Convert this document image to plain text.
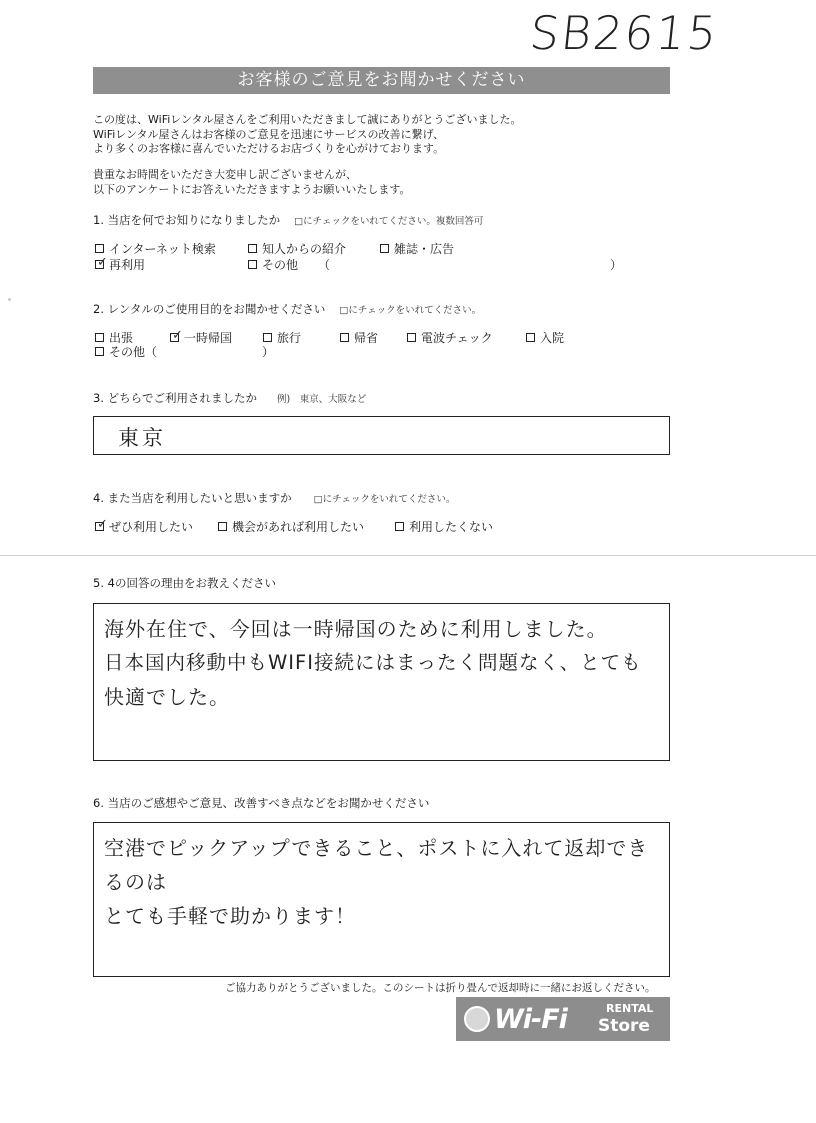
SB2615
お客様のご意見をお聞かせください
この度は、WiFiレンタル屋さんをご利用いただきまして誠にありがとうございました。
WiFiレンタル屋さんはお客様のご意見を迅速にサービスの改善に繋げ、
より多くのお客様に喜んでいただけるお店づくりを心がけております。
貴重なお時間をいただき大変申し訳ございませんが、
以下のアンケートにお答えいただきますようお願いいたします。
1. 当店を何でお知りになりましたか □にチェックをいれてください。複数回答可
インターネット検索	知人からの紹介	雑誌・広告
✓ 再利用	その他 （	）
2. レンタルのご使用目的をお聞かせください □にチェックをいれてください。
出張	✓ 一時帰国	旅行	帰省	電波チェック	入院
その他（	）
3. どちらでご利用されましたか 例)　東京、大阪など
東京
4. また当店を利用したいと思いますか □にチェックをいれてください。
✓ ぜひ利用したい	機会があれば利用したい	利用したくない
5. 4の回答の理由をお教えください
海外在住で、今回は一時帰国のために利用しました。
日本国内移動中もWIFI接続にはまったく問題なく、とても
快適でした。
6. 当店のご感想やご意見、改善すべき点などをお聞かせください
空港でピックアップできること、ポストに入れて返却できるのは
とても手軽で助かります！
ご協力ありがとうございました。このシートは折り畳んで返却時に一緒にお返しください。
Wi-Fi	RENTAL
Store
